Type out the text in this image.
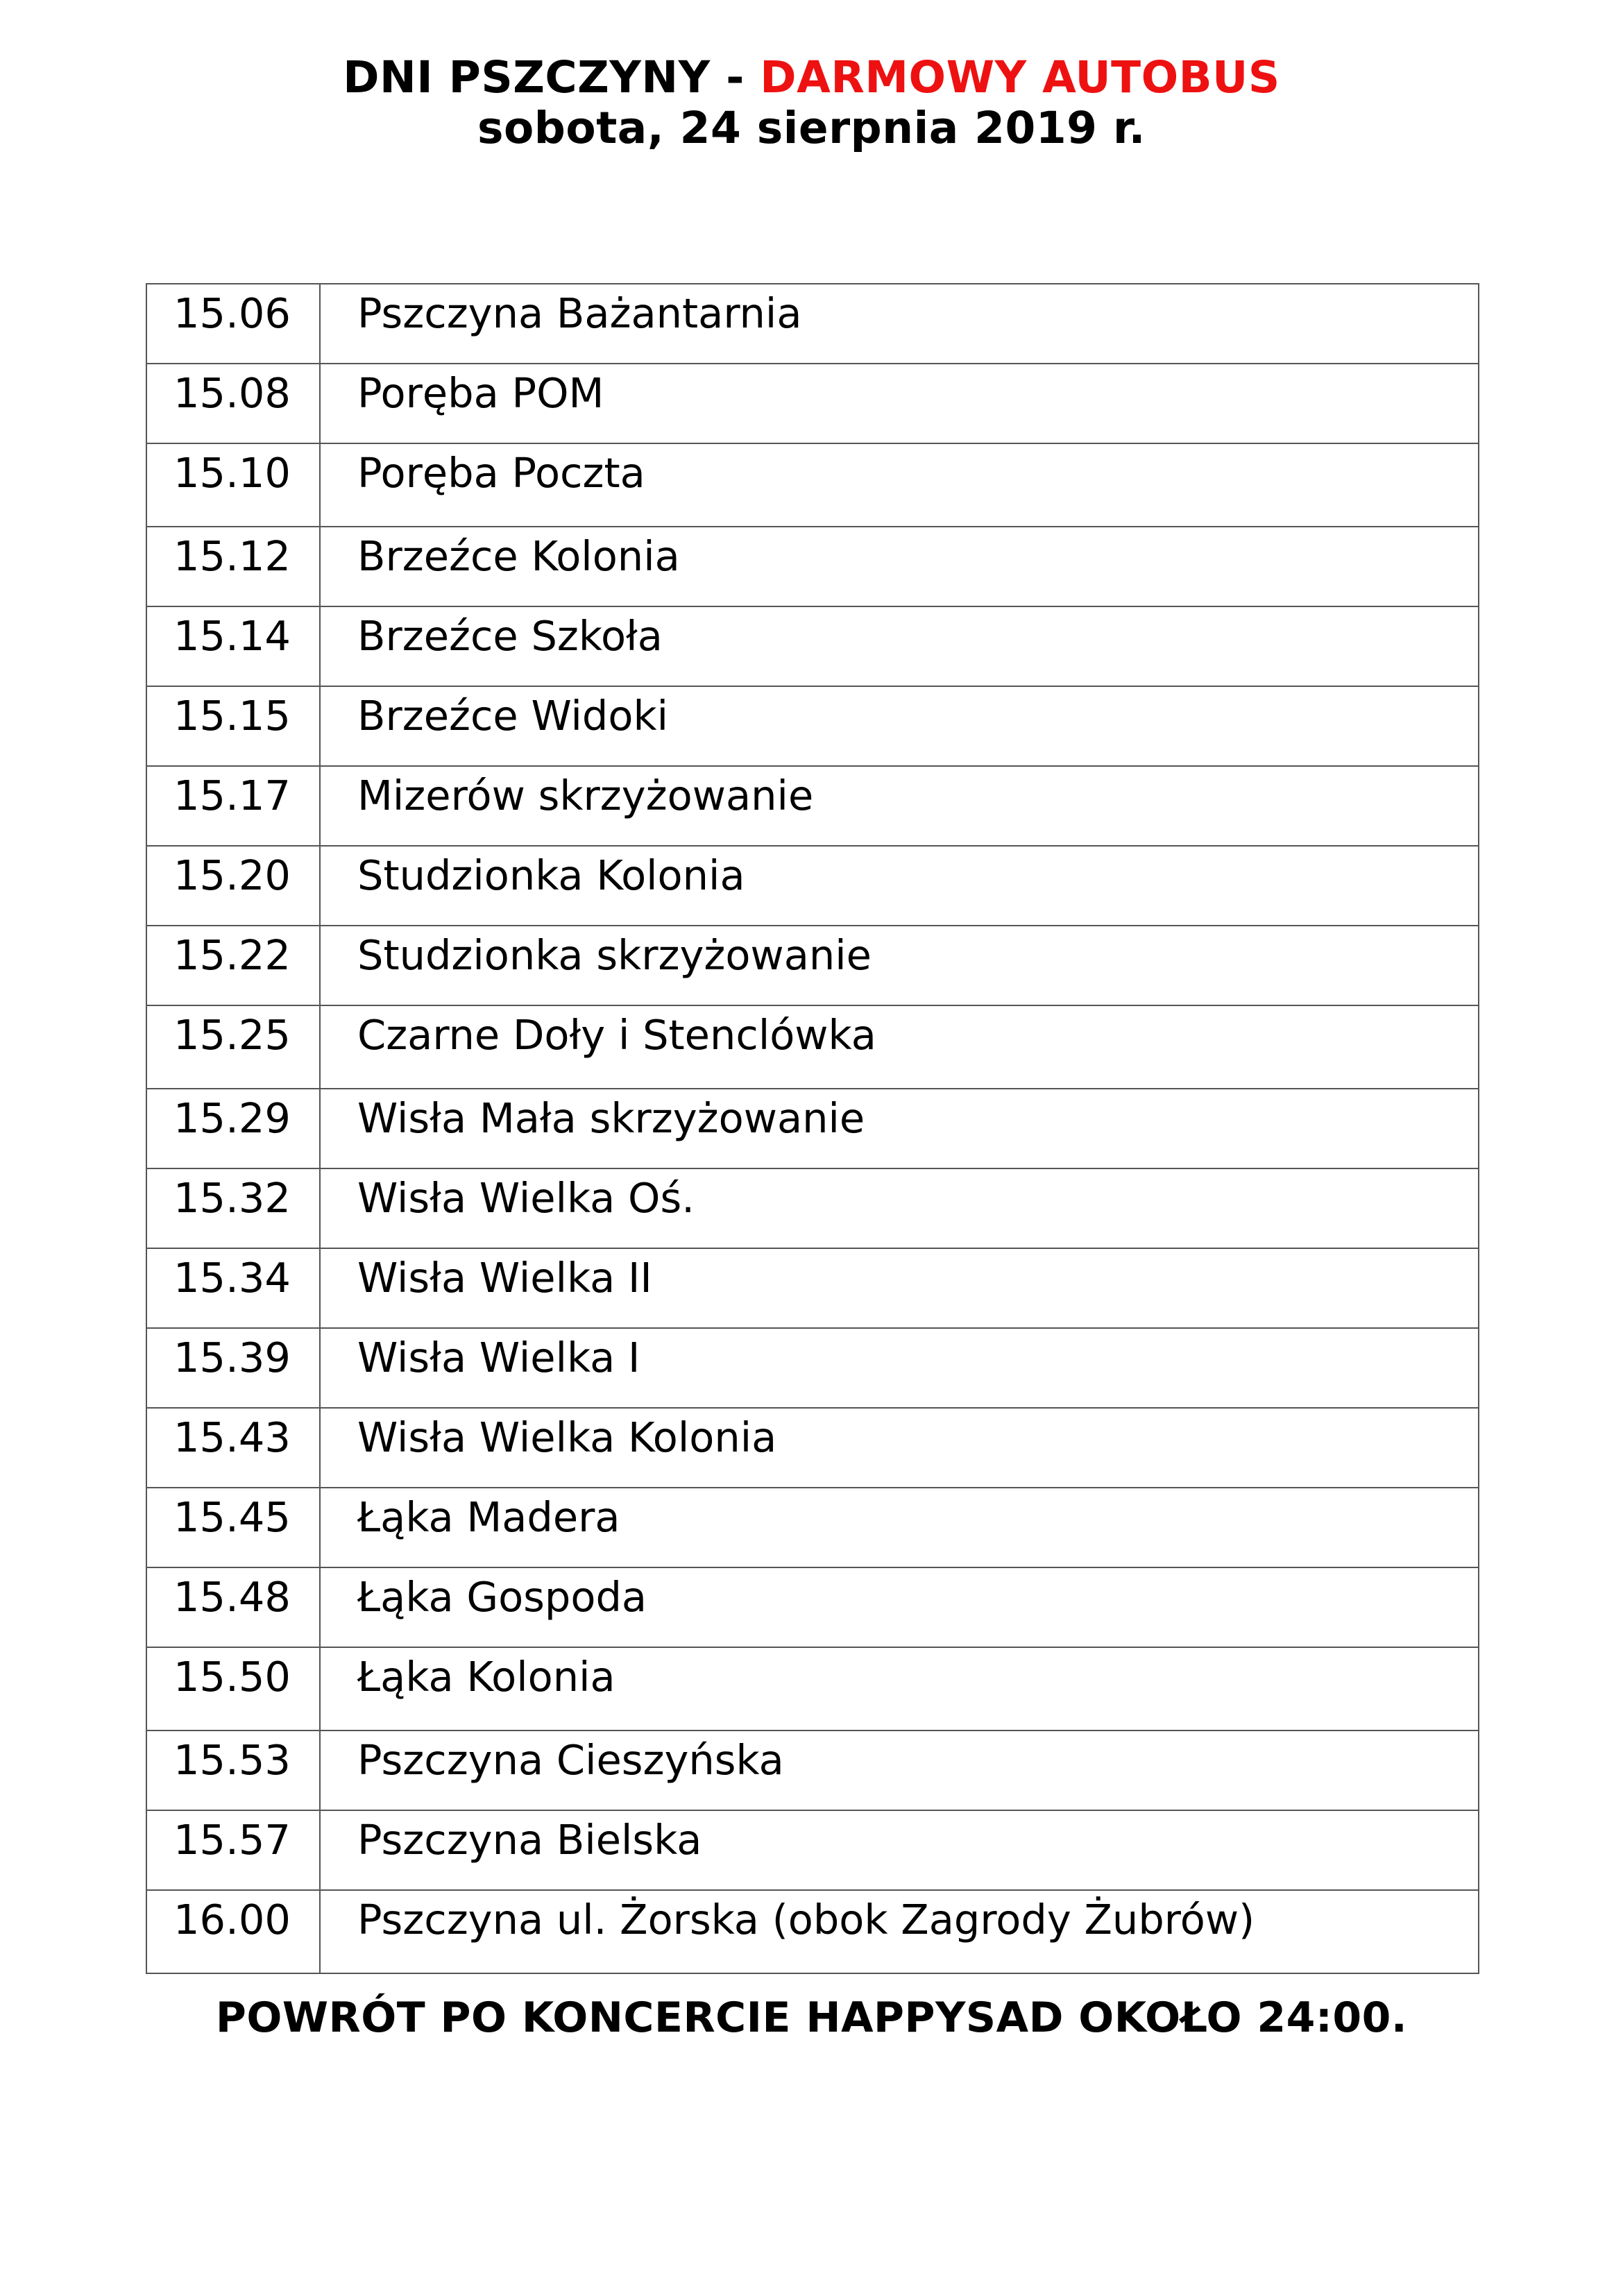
DNI PSZCZYNY - DARMOWY AUTOBUS
sobota, 24 sierpnia 2019 r.
15.06	Pszczyna Bażantarnia

15.08	Poręba POM

15.10	Poręba Poczta

15.12	Brzeźce Kolonia

15.14	Brzeźce Szkoła

15.15	Brzeźce Widoki

15.17	Mizerów skrzyżowanie

15.20	Studzionka Kolonia

15.22	Studzionka skrzyżowanie

15.25	Czarne Doły i Stenclówka

15.29	Wisła Mała skrzyżowanie

15.32	Wisła Wielka Oś.

15.34	Wisła Wielka II

15.39	Wisła Wielka I

15.43	Wisła Wielka Kolonia

15.45	Łąka Madera

15.48	Łąka Gospoda

15.50	Łąka Kolonia

15.53	Pszczyna Cieszyńska

15.57	Pszczyna Bielska

16.00	Pszczyna ul. Żorska (obok Zagrody Żubrów)
POWRÓT PO KONCERCIE HAPPYSAD OKOŁO 24:00.
